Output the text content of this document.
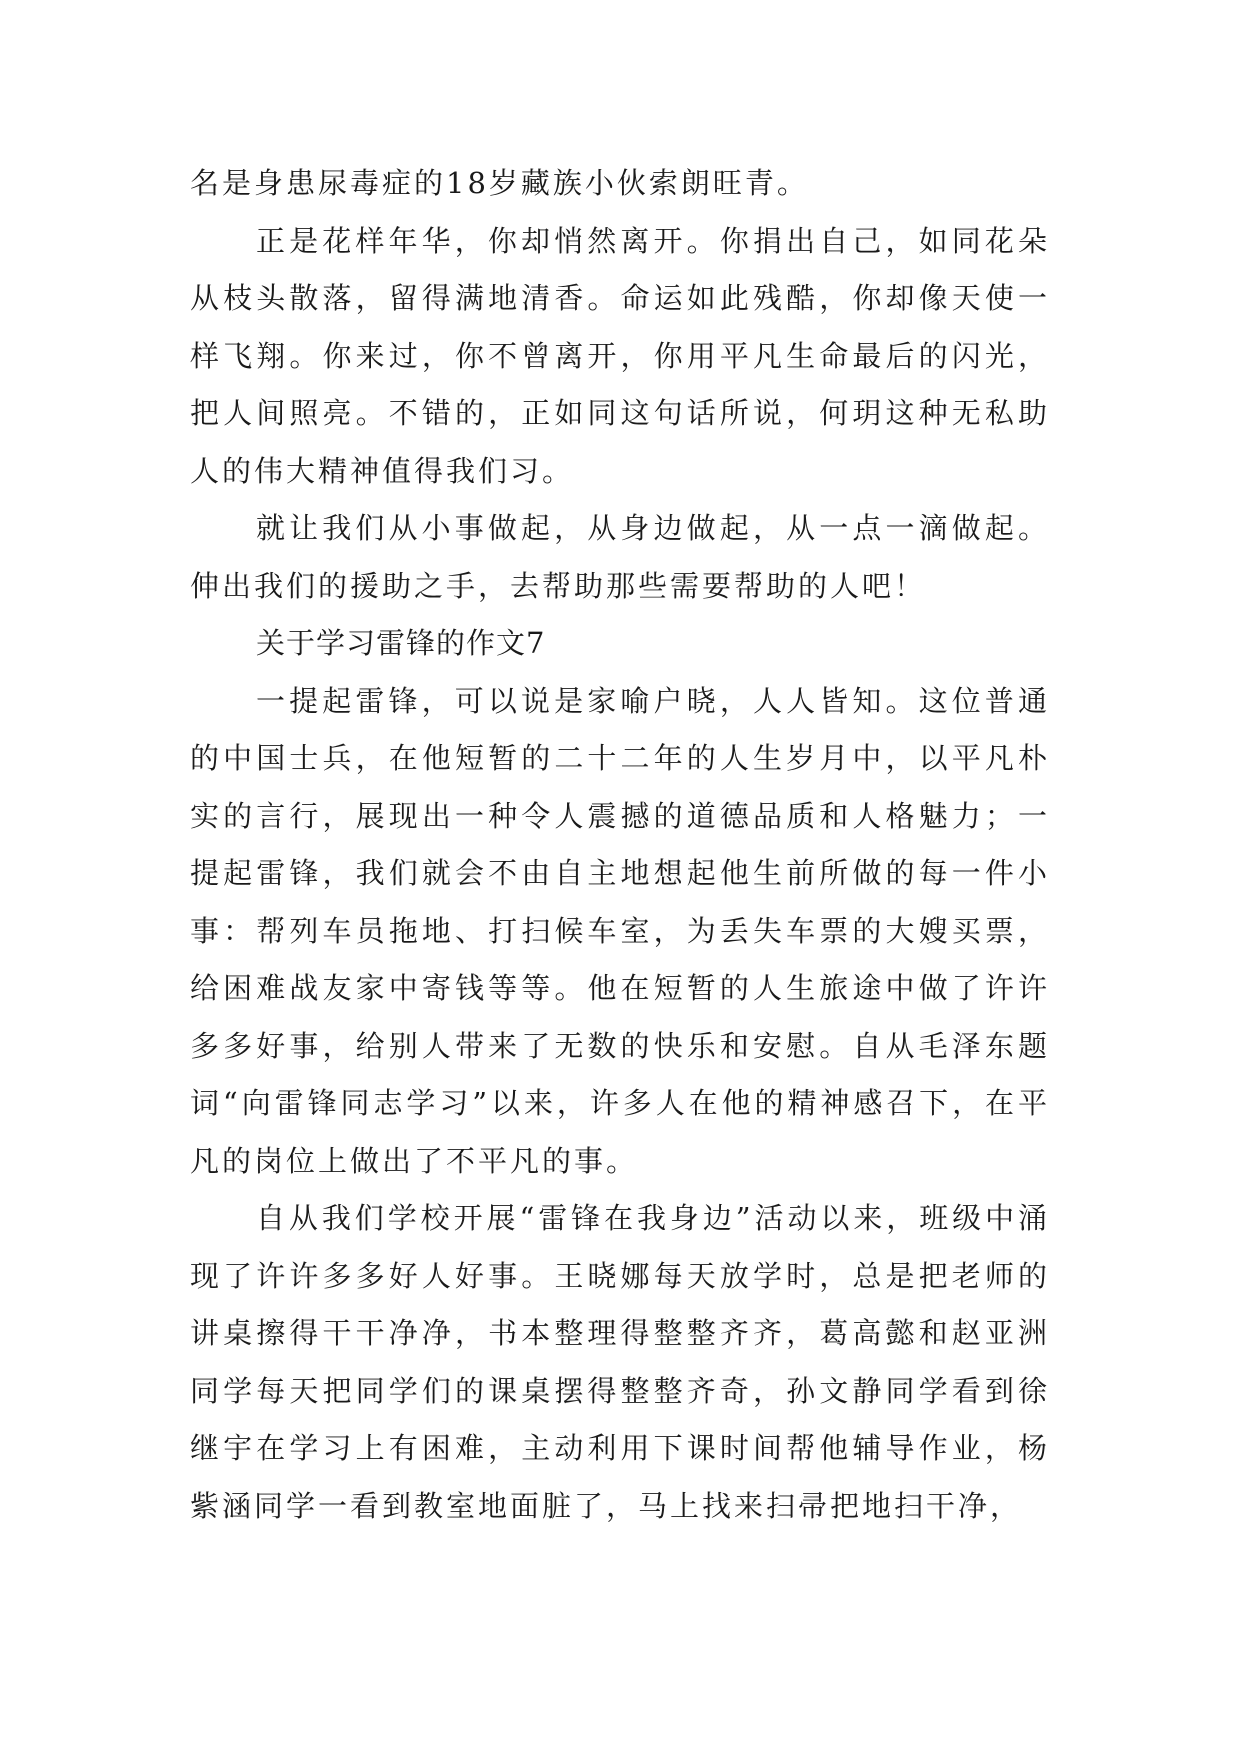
名是身患尿毒症的18岁藏族小伙索朗旺青。

正是花样年华，你却悄然离开。你捐出自己，如同花朵从枝头散落，留得满地清香。命运如此残酷，你却像天使一样飞翔。你来过，你不曾离开，你用平凡生命最后的闪光，把人间照亮。不错的，正如同这句话所说，何玥这种无私助人的伟大精神值得我们习。

就让我们从小事做起，从身边做起，从一点一滴做起。伸出我们的援助之手，去帮助那些需要帮助的人吧！

关于学习雷锋的作文7

一提起雷锋，可以说是家喻户晓，人人皆知。这位普通的中国士兵，在他短暂的二十二年的人生岁月中，以平凡朴实的言行，展现出一种令人震撼的道德品质和人格魅力；一提起雷锋，我们就会不由自主地想起他生前所做的每一件小事：帮列车员拖地、打扫候车室，为丢失车票的大嫂买票，给困难战友家中寄钱等等。他在短暂的人生旅途中做了许许多多好事，给别人带来了无数的快乐和安慰。自从毛泽东题词“向雷锋同志学习”以来，许多人在他的精神感召下，在平凡的岗位上做出了不平凡的事。

自从我们学校开展“雷锋在我身边”活动以来，班级中涌现了许许多多好人好事。王晓娜每天放学时，总是把老师的讲桌擦得干干净净，书本整理得整整齐齐，葛高懿和赵亚洲同学每天把同学们的课桌摆得整整齐奇，孙文静同学看到徐继宇在学习上有困难，主动利用下课时间帮他辅导作业，杨紫涵同学一看到教室地面脏了，马上找来扫帚把地扫干净，
